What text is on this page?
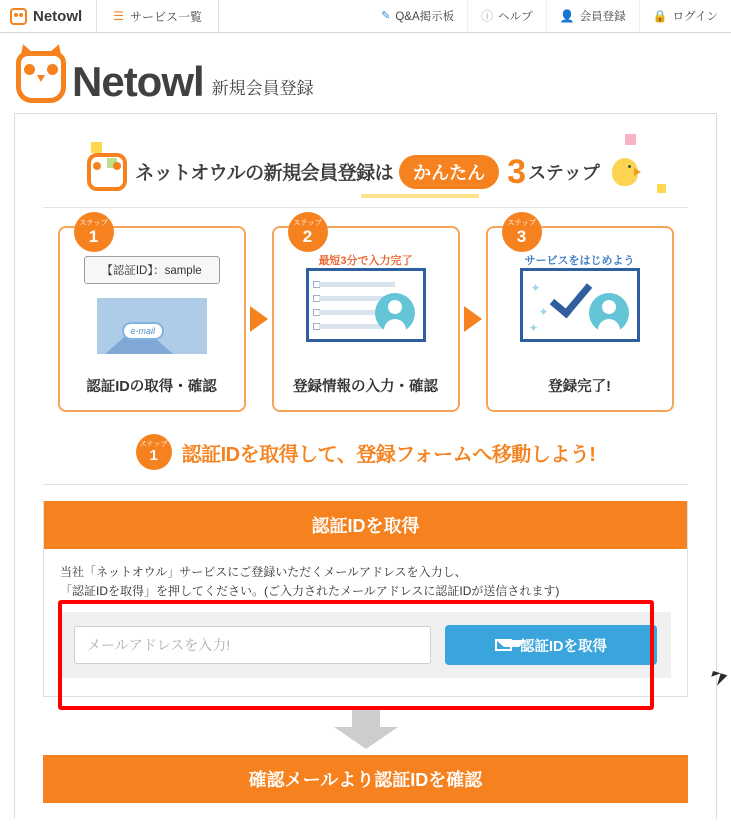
Netowl	☰ サービス一覧	✎ Q&A掲示板 ⓘ ヘルプ 👤 会員登録 🔒 ログイン
Netowl 新規会員登録
ネットオウルの新規会員登録は	かんたん 3 ステップ
ステップ
1
【認証ID】：sample
e-mail
認証IDの取得・確認
ステップ
2
最短3分で入力完了
登録情報の入力・確認
ステップ
3
サービスをはじめよう
✦
✦
✦
登録完了!
ステップ
1 認証IDを取得して、登録フォームへ移動しよう!
認証IDを取得
当社「ネットオウル」サービスにご登録いただくメールアドレスを入力し、
「認証IDを取得」を押してください。(ご入力されたメールアドレスに認証IDが送信されます)
メールアドレスを入力!
認証IDを取得
確認メールより認証IDを確認
